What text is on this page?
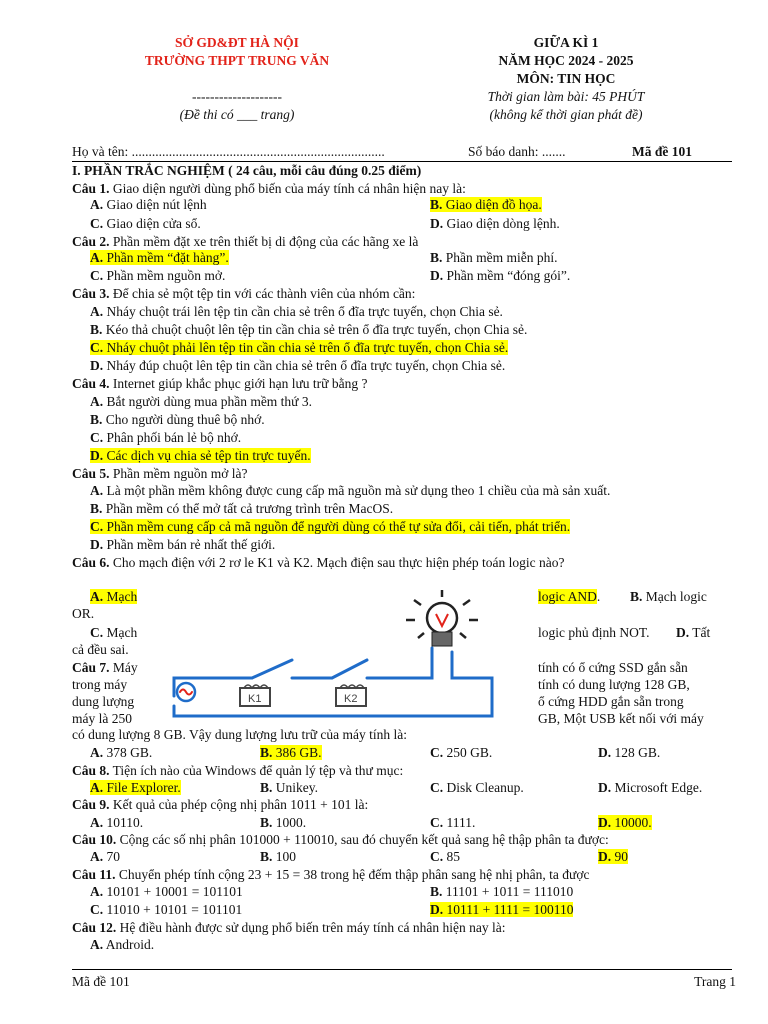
SỞ GD&ĐT HÀ NỘI
TRƯỜNG THPT TRUNG VĂN
--------------------
(Đề thi có ___ trang)
GIỮA KÌ 1
NĂM HỌC 2024 - 2025
MÔN: TIN HỌC
Thời gian làm bài: 45 PHÚT
(không kể thời gian phát đề)
Họ và tên: ...........................................................................	Số báo danh: .......	Mã đề 101
I. PHẦN TRẮC NGHIỆM ( 24 câu, mỗi câu đúng 0.25 điểm)
Câu 1. Giao diện người dùng phổ biến của máy tính cá nhân hiện nay là:
A. Giao diện nút lệnh	B. Giao diện đồ họa.
C. Giao diện cửa sổ.	D. Giao diện dòng lệnh.
Câu 2. Phần mềm đặt xe trên thiết bị di động của các hãng xe là
A. Phần mềm “đặt hàng”.	B. Phần mềm miễn phí.
C. Phần mềm nguồn mở.	D. Phần mềm “đóng gói”.
Câu 3. Để chia sẻ một tệp tin với các thành viên của nhóm cần:
A. Nháy chuột trái lên tệp tin cần chia sẻ trên ổ đĩa trực tuyến, chọn Chia sẻ.
B. Kéo thả chuột chuột lên tệp tin cần chia sẻ trên ổ đĩa trực tuyến, chọn Chia sẻ.
C. Nháy chuột phải lên tệp tin cần chia sẻ trên ổ đĩa trực tuyến, chọn Chia sẻ.
D. Nháy đúp chuột lên tệp tin cần chia sẻ trên ổ đĩa trực tuyến, chọn Chia sẻ.
Câu 4. Internet giúp khắc phục giới hạn lưu trữ bằng ?
A. Bắt người dùng mua phần mềm thứ 3.
B. Cho người dùng thuê bộ nhớ.
C. Phân phối bán lẻ bộ nhớ.
D. Các dịch vụ chia sẻ tệp tin trực tuyến.
Câu 5. Phần mềm nguồn mở là?
A. Là một phần mềm không được cung cấp mã nguồn mà sử dụng theo 1 chiều của mà sản xuất.
B. Phần mềm có thể mở tất cả trương trình trên MacOS.
C. Phần mềm cung cấp cả mã nguồn để người dùng có thể tự sửa đổi, cải tiến, phát triển.
D. Phần mềm bán rẻ nhất thế giới.
Câu 6. Cho mạch điện với 2 rơ le K1 và K2. Mạch điện sau thực hiện phép toán logic nào?
A. Mạch	logic AND. B. Mạch logic
OR.
C. Mạch	logic phủ định NOT. D. Tất
cả đều sai.
K1	K2
Câu 7. Máy	tính có ổ cứng SSD gắn sẵn
trong máy	tính có dung lượng 128 GB,
dung lượng	ổ cứng HDD gắn sẵn trong
máy là 250	GB, Một USB kết nối với máy
có dung lượng 8 GB. Vậy dung lượng lưu trữ của máy tính là:
A. 378 GB.	B. 386 GB.	C. 250 GB.	D. 128 GB.
Câu 8. Tiện ích nào của Windows để quản lý tệp và thư mục:
A. File Explorer.	B. Unikey.	C. Disk Cleanup.	D. Microsoft Edge.
Câu 9. Kết quả của phép cộng nhị phân 1011 + 101 là:
A. 10110.	B. 1000.	C. 1111.	D. 10000.
Câu 10. Cộng các số nhị phân 101000 + 110010, sau đó chuyển kết quả sang hệ thập phân ta được:
A. 70	B. 100	C. 85	D. 90
Câu 11. Chuyển phép tính cộng 23 + 15 = 38 trong hệ đếm thập phân sang hệ nhị phân, ta được
A. 10101 + 10001 = 101101	B. 11101 + 1011 = 111010
C. 11010 + 10101 = 101101	D. 10111 + 1111 = 100110
Câu 12. Hệ điều hành được sử dụng phổ biến trên máy tính cá nhân hiện nay là:
A. Android.
Mã đề 101	Trang 1
